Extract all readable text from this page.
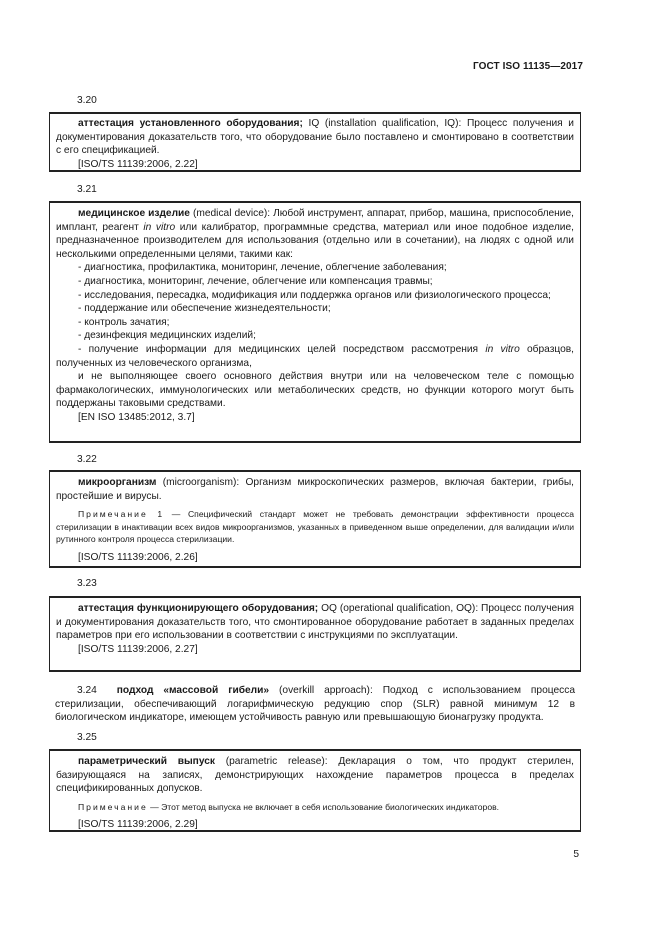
ГОСТ ISO 11135—2017
3.20

аттестация установленного оборудования; IQ (installation qualification, IQ): Процесс получения и документирования доказательств того, что оборудование было поставлено и смонтировано в соответствии с его спецификацией.

[ISO/TS 11139:2006, 2.22]

3.21

медицинское изделие (medical device): Любой инструмент, аппарат, прибор, машина, приспособление, имплант, реагент in vitro или калибратор, программные средства, материал или иное подобное изделие, предназначенное производителем для использования (отдельно или в сочетании), на людях с одной или несколькими определенными целями, такими как:

- диагностика, профилактика, мониторинг, лечение, облегчение заболевания;

- диагностика, мониторинг, лечение, облегчение или компенсация травмы;

- исследования, пересадка, модификация или поддержка органов или физиологического процесса;

- поддержание или обеспечение жизнедеятельности;

- контроль зачатия;

- дезинфекция медицинских изделий;

- получение информации для медицинских целей посредством рассмотрения in vitro образцов, полученных из человеческого организма,

и не выполняющее своего основного действия внутри или на человеческом теле с помощью фармакологических, иммунологических или метаболических средств, но функции которого могут быть поддержаны таковыми средствами.

[EN ISO 13485:2012, 3.7]

3.22

микроорганизм (microorganism): Организм микроскопических размеров, включая бактерии, грибы, простейшие и вирусы.

Примечание 1 — Специфический стандарт может не требовать демонстрации эффективности процесса стерилизации в инактивации всех видов микроорганизмов, указанных в приведенном выше определении, для валидации и/или рутинного контроля процесса стерилизации.

[ISO/TS 11139:2006, 2.26]

3.23

аттестация функционирующего оборудования; OQ (operational qualification, OQ): Процесс получения и документирования доказательств того, что смонтированное оборудование работает в заданных пределах параметров при его использовании в соответствии с инструкциями по эксплуатации.

[ISO/TS 11139:2006, 2.27]

3.24 подход «массовой гибели» (overkill approach): Подход с использованием процесса стерилизации, обеспечивающий логарифмическую редукцию спор (SLR) равной минимум 12 в биологическом индикаторе, имеющем устойчивость равную или превышающую бионагрузку продукта.

3.25

параметрический выпуск (parametric release): Декларация о том, что продукт стерилен, базирующаяся на записях, демонстрирующих нахождение параметров процесса в пределах спецификированных допусков.

Примечание — Этот метод выпуска не включает в себя использование биологических индикаторов.

[ISO/TS 11139:2006, 2.29]

5
